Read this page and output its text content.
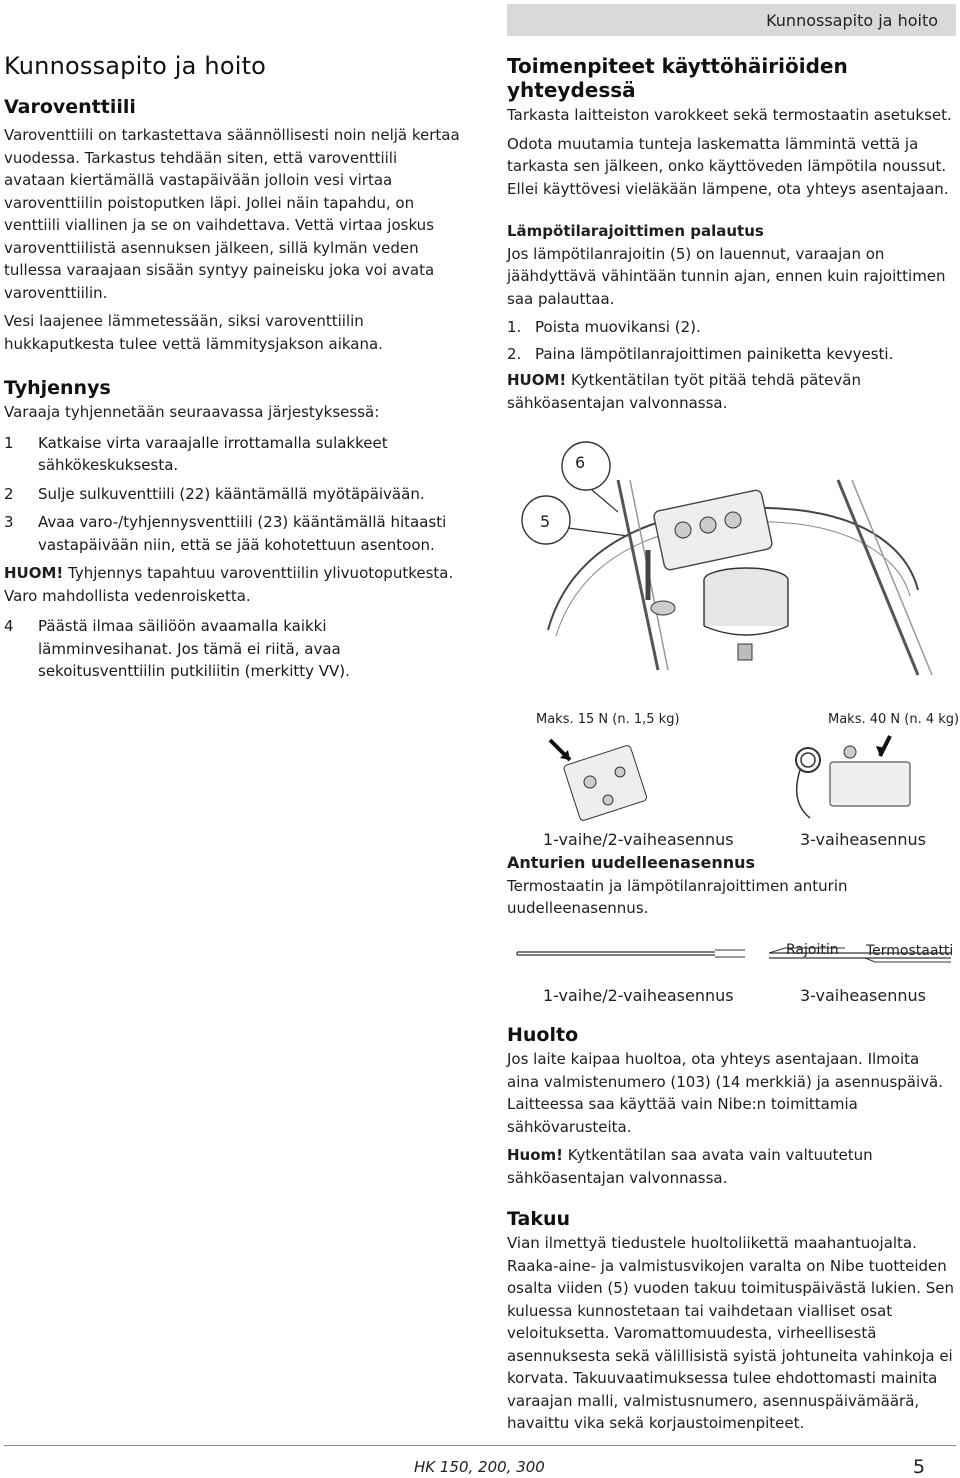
Kunnossapito ja hoito
Kunnossapito ja hoito
Varoventtiili

Varoventtiili on tarkastettava säännöllisesti noin neljä kertaa vuodessa. Tarkastus tehdään siten, että varoventtiili avataan kiertämällä vastapäivään jolloin vesi virtaa varoventtiilin poistoputken läpi. Jollei näin tapahdu, on venttiili viallinen ja se on vaihdettava. Vettä virtaa joskus varoventtiilistä asennuksen jälkeen, sillä kylmän veden tullessa varaajaan sisään syntyy paineisku joka voi avata varoventtiilin.

Vesi laajenee lämmetessään, siksi varoventtiilin hukkaputkesta tulee vettä lämmitysjakson aikana.

Tyhjennys

Varaaja tyhjennetään seuraavassa järjestyksessä:

1	Katkaise virta varaajalle irrottamalla sulakkeet sähkökeskuksesta.
2	Sulje sulkuventtiili (22) kääntämällä myötäpäivään.
3	Avaa varo-/tyhjennysventtiili (23) kääntämällä hitaasti vastapäivään niin, että se jää kohotettuun asentoon.

HUOM! Tyhjennys tapahtuu varoventtiilin ylivuotoputkesta. Varo mahdollista vedenroisketta.

4	Päästä ilmaa säiliöön avaamalla kaikki lämminvesihanat. Jos tämä ei riitä, avaa sekoitusventtiilin putkiliitin (merkitty VV).
Toimenpiteet käyttöhäiriöiden yhteydessä

Tarkasta laitteiston varokkeet sekä termostaatin asetukset.

Odota muutamia tunteja laskematta lämmintä vettä ja tarkasta sen jälkeen, onko käyttöveden lämpötila noussut. Ellei käyttövesi vieläkään lämpene, ota yhteys asentajaan.

Lämpötilarajoittimen palautus

Jos lämpötilanrajoitin (5) on lauennut, varaajan on jäähdyttävä vähintään tunnin ajan, ennen kuin rajoittimen saa palauttaa.

1. Poista muovikansi (2).
2. Paina lämpötilanrajoittimen painiketta kevyesti.

HUOM! Kytkentätilan työt pitää tehdä pätevän sähköasentajan valvonnassa.

6
5
Maks. 15 N (n. 1,5 kg)	Maks. 40 N (n. 4 kg)
1-vaihe/2-vaiheasennus	3-vaiheasennus

Anturien uudelleenasennus

Termostaatin ja lämpötilanrajoittimen anturin uudelleenasennus.

Rajoitin Termostaatti
1-vaihe/2-vaiheasennus	3-vaiheasennus
Huolto

Jos laite kaipaa huoltoa, ota yhteys asentajaan. Ilmoita aina valmistenumero (103) (14 merkkiä) ja asennuspäivä. Laitteessa saa käyttää vain Nibe:n toimittamia sähkövarusteita.

Huom! Kytkentätilan saa avata vain valtuutetun sähköasentajan valvonnassa.

Takuu

Vian ilmettyä tiedustele huoltoliikettä maahantuojalta. Raaka-aine- ja valmistusvikojen varalta on Nibe tuotteiden osalta viiden (5) vuoden takuu toimituspäivästä lukien. Sen kuluessa kunnostetaan tai vaihdetaan vialliset osat veloituksetta. Varomattomuudesta, virheellisestä asennuksesta sekä välillisistä syistä johtuneita vahinkoja ei korvata. Takuuvaatimuksessa tulee ehdottomasti mainita varaajan malli, valmistusnumero, asennuspäivämäärä, havaittu vika sekä korjaustoimenpiteet.

HK 150, 200, 300	5
